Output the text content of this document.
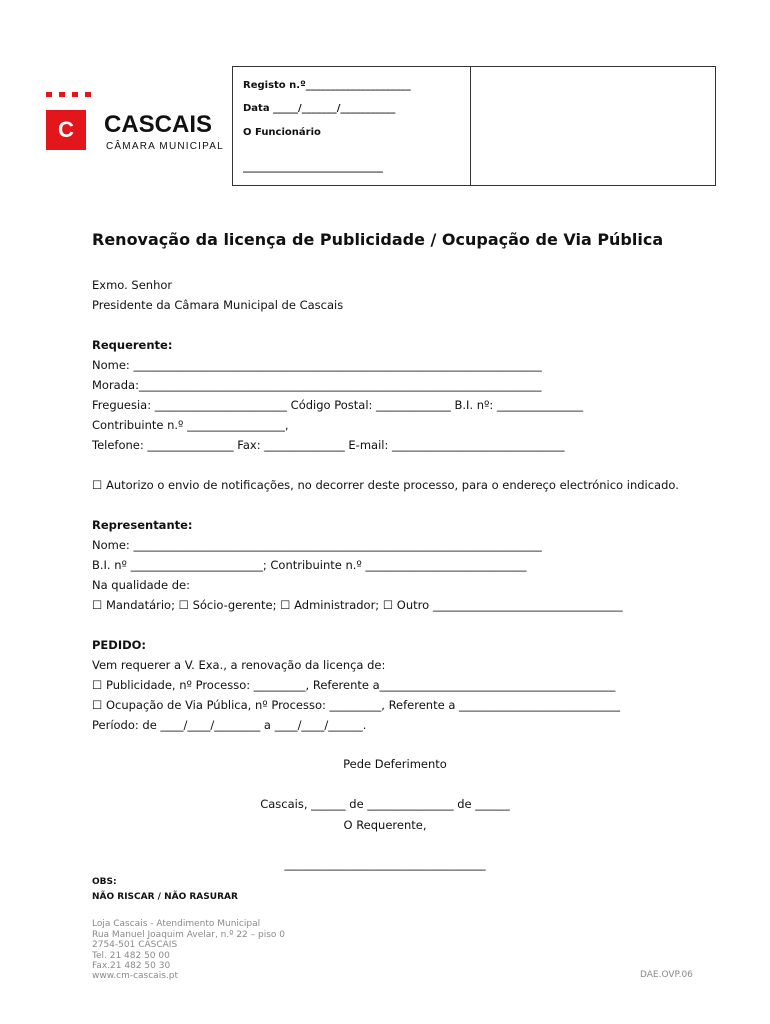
C	CASCAIS
CÂMARA MUNICIPAL
Registo n.º_____________________
Data _____/_______/___________
O Funcionário
____________________________
Renovação da licença de Publicidade / Ocupação de Via Pública
Exmo. Senhor
Presidente da Câmara Municipal de Cascais
Requerente:
Nome: _______________________________________________________________________
Morada:______________________________________________________________________
Freguesia: _______________________ Código Postal: _____________ B.I. nº: _______________
Contribuinte n.º _________________,
Telefone: _______________ Fax: ______________ E-mail: ______________________________
☐ Autorizo o envio de notificações, no decorrer deste processo, para o endereço electrónico indicado.
Representante:
Nome: _______________________________________________________________________
B.I. nº _______________________; Contribuinte n.º ____________________________
Na qualidade de:
☐ Mandatário; ☐ Sócio-gerente; ☐ Administrador; ☐ Outro _________________________________
PEDIDO:
Vem requerer a V. Exa., a renovação da licença de:
☐ Publicidade, nº Processo: _________, Referente a_________________________________________
☐ Ocupação de Via Pública, nº Processo: _________, Referente a ____________________________
Período: de ____/____/________ a ____/____/______.
Pede Deferimento
Cascais, ______ de _______________ de ______
O Requerente,
___________________________________
OBS:
NÃO RISCAR / NÃO RASURAR
Loja Cascais - Atendimento Municipal
Rua Manuel Joaquim Avelar, n.º 22 – piso 0
2754-501 CASCAIS
Tel. 21 482 50 00
Fax.21 482 50 30
www.cm-cascais.pt	DAE.OVP.06
